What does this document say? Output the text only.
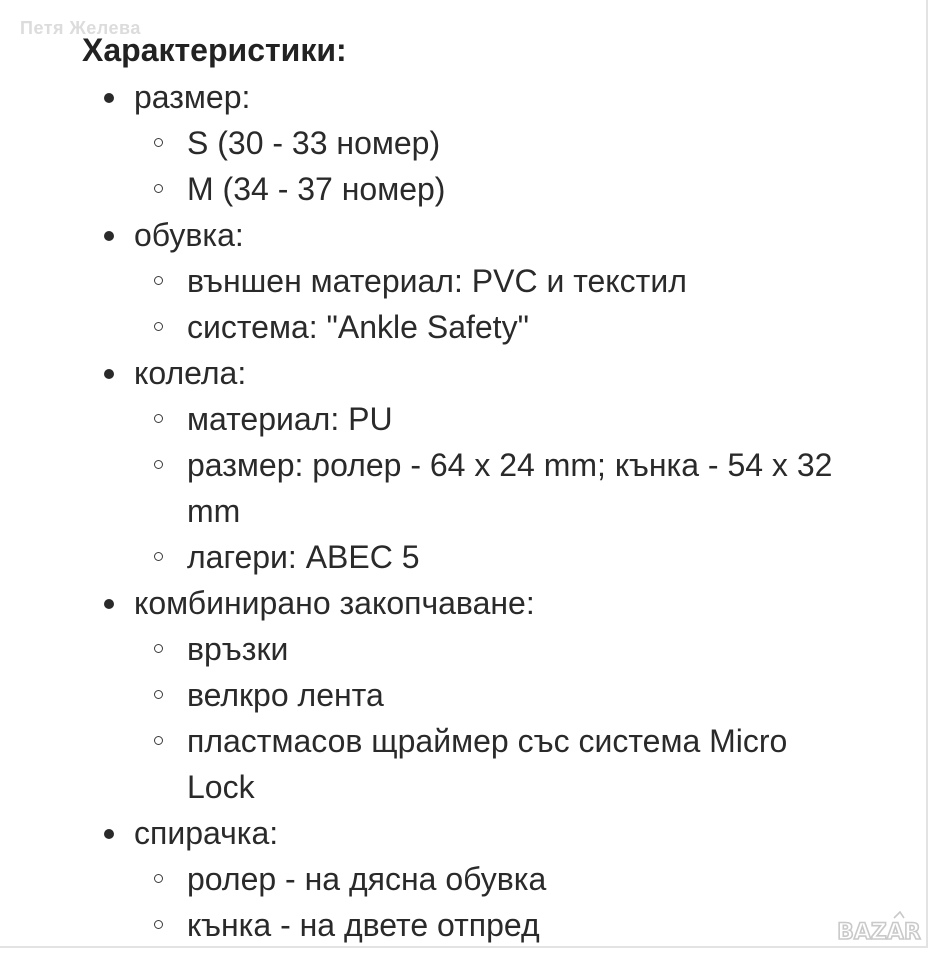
Петя Желева
Характеристики:
размер:
S (30 - 33 номер)
M (34 - 37 номер)
обувка:
външен материал: PVC и текстил
система: "Ankle Safety"
колела:
материал: PU
размер: ролер - 64 x 24 mm; кънка - 54 x 32 mm
лагери: ABEC 5
комбинирано закопчаване:
връзки
велкро лента
пластмасов щраймер със система Micro Lock
спирачка:
ролер - на дясна обувка
кънка - на двете отпред	BAZAR
